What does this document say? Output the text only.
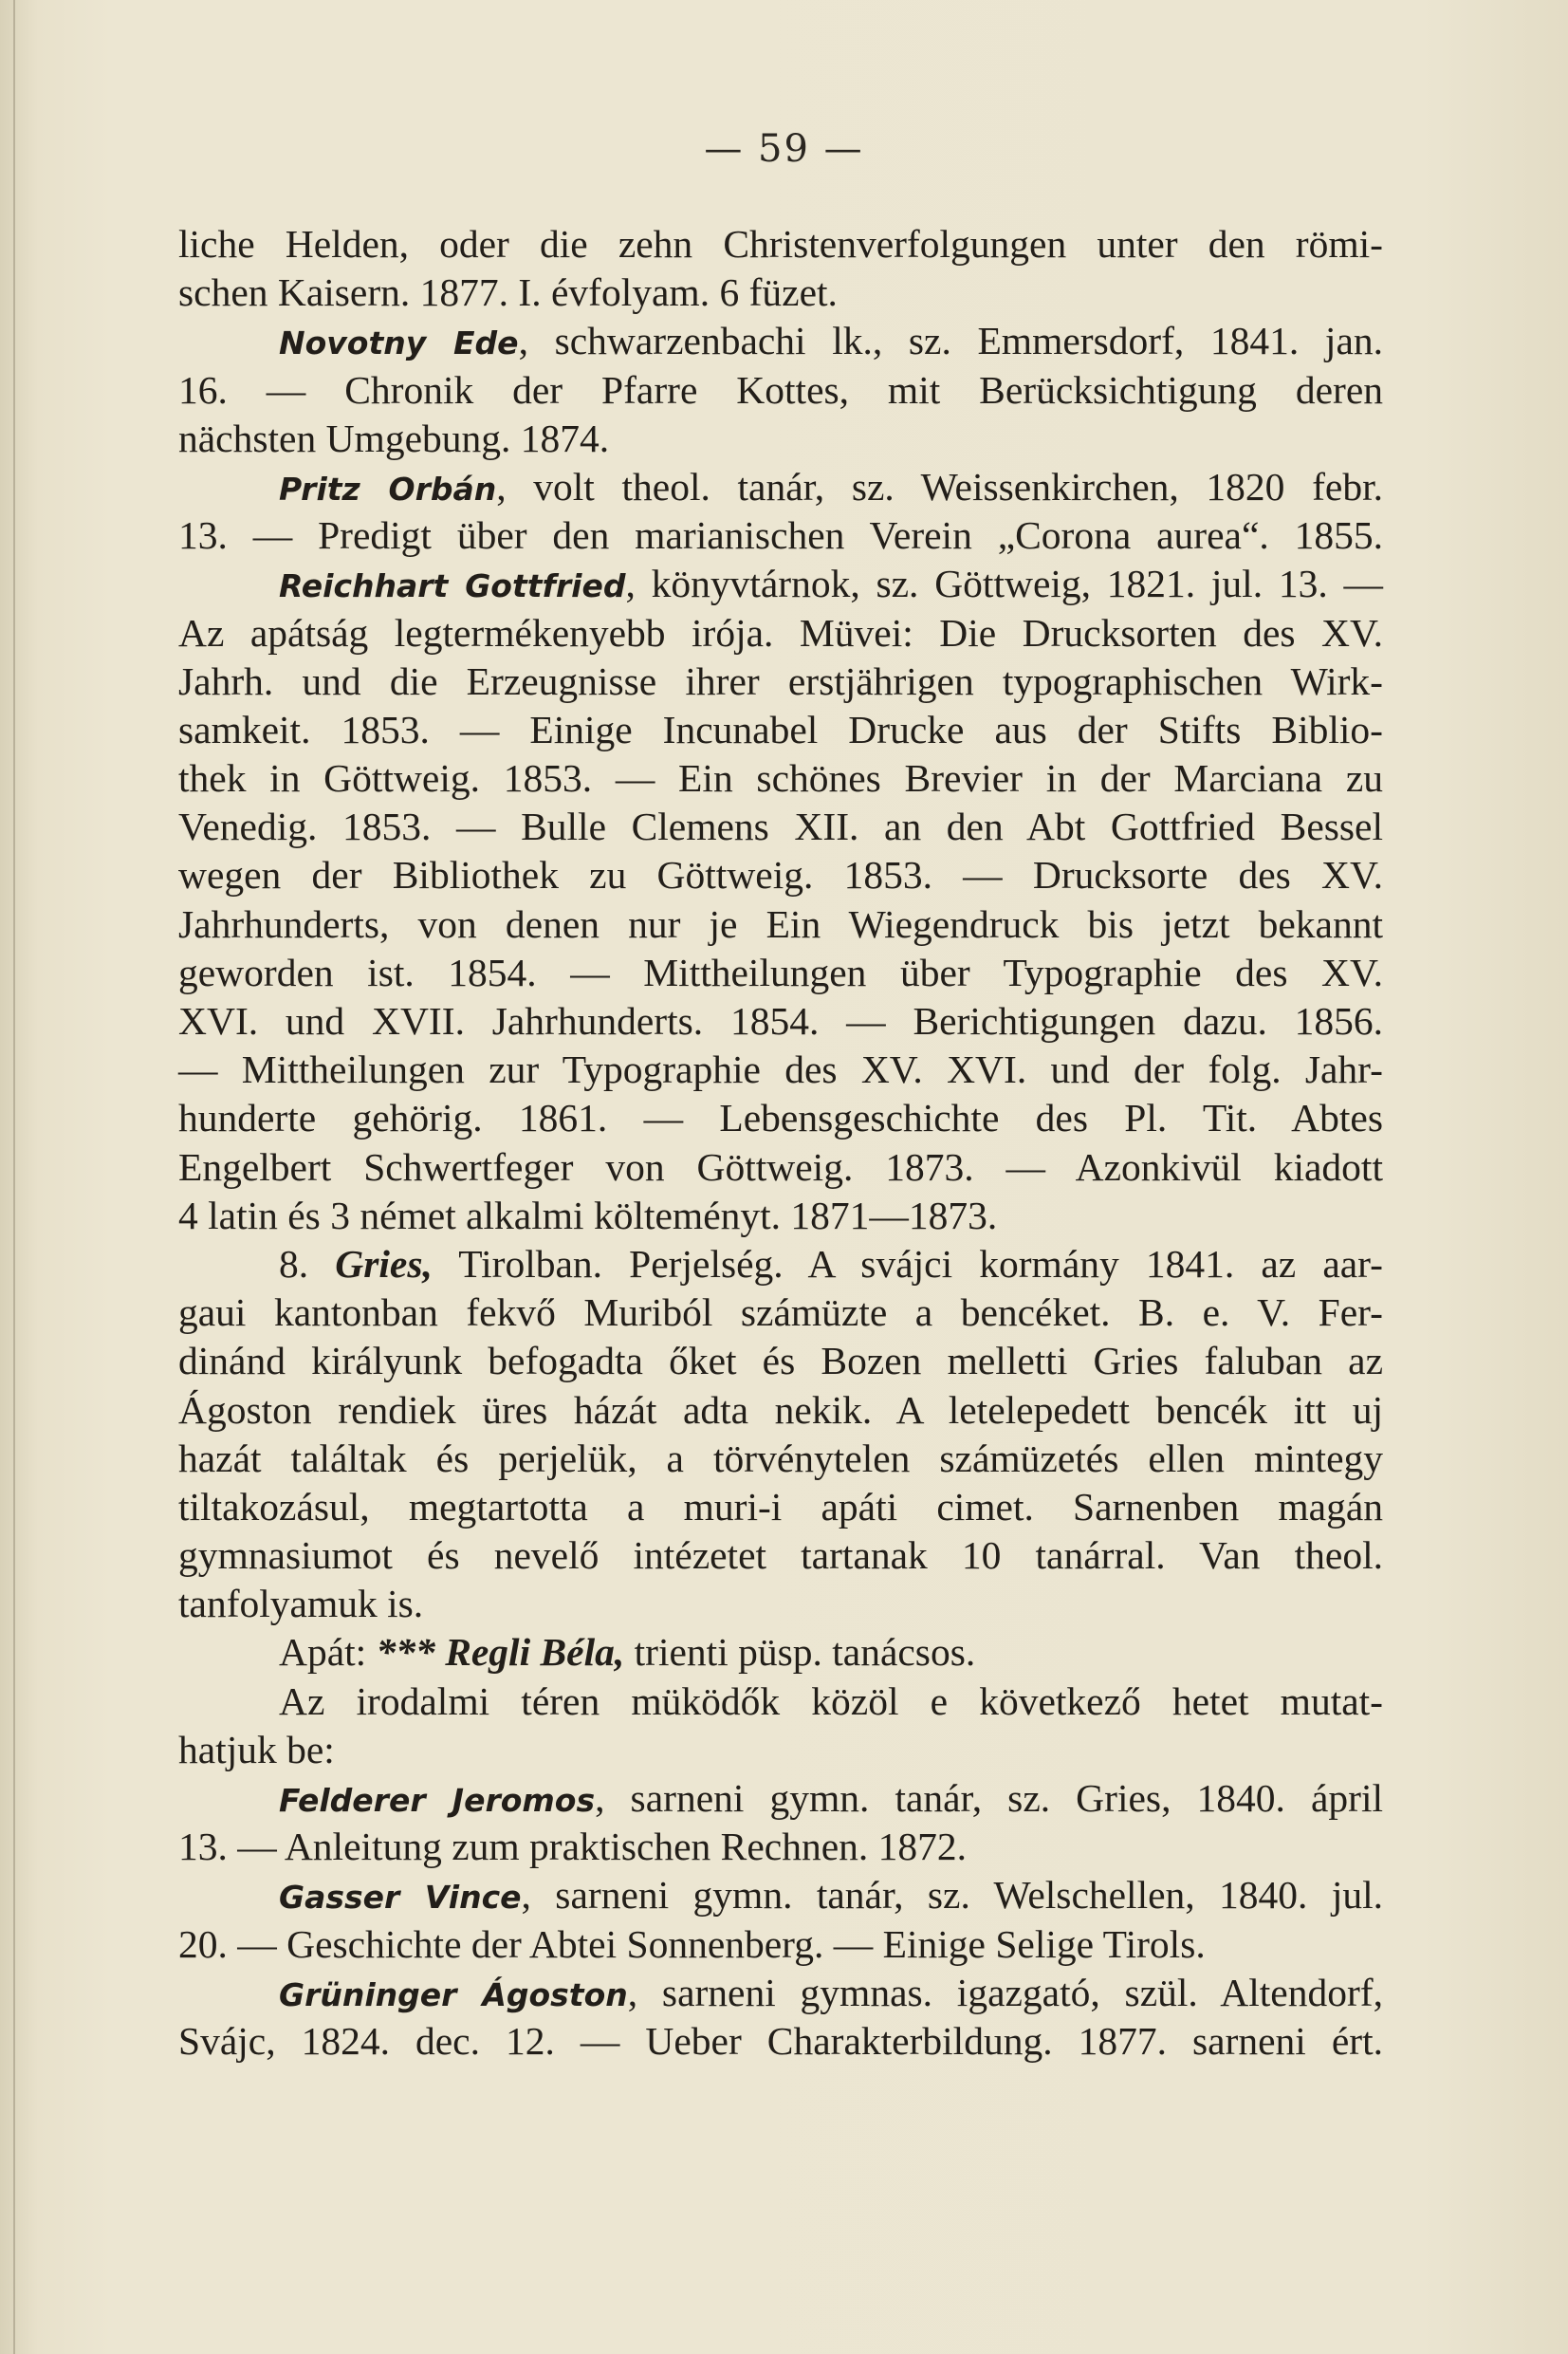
— 59 —
liche Helden, oder die zehn Christenverfolgungen unter den römi-
schen Kaisern. 1877. I. évfolyam. 6 füzet.
Novotny Ede, schwarzenbachi lk., sz. Emmersdorf, 1841. jan.
16. — Chronik der Pfarre Kottes, mit Berücksichtigung deren
nächsten Umgebung. 1874.
Pritz Orbán, volt theol. tanár, sz. Weissenkirchen, 1820 febr.
13. — Predigt über den marianischen Verein „Corona aurea“. 1855.
Reichhart Gottfried, könyvtárnok, sz. Göttweig, 1821. jul. 13. —
Az apátság legtermékenyebb irója. Müvei: Die Drucksorten des XV.
Jahrh. und die Erzeugnisse ihrer erstjährigen typographischen Wirk-
samkeit. 1853. — Einige Incunabel Drucke aus der Stifts Biblio-
thek in Göttweig. 1853. — Ein schönes Brevier in der Marciana zu
Venedig. 1853. — Bulle Clemens XII. an den Abt Gottfried Bessel
wegen der Bibliothek zu Göttweig. 1853. — Drucksorte des XV.
Jahrhunderts, von denen nur je Ein Wiegendruck bis jetzt bekannt
geworden ist. 1854. — Mittheilungen über Typographie des XV.
XVI. und XVII. Jahrhunderts. 1854. — Berichtigungen dazu. 1856.
— Mittheilungen zur Typographie des XV. XVI. und der folg. Jahr-
hunderte gehörig. 1861. — Lebensgeschichte des Pl. Tit. Abtes
Engelbert Schwertfeger von Göttweig. 1873. — Azonkivül kiadott
4 latin és 3 német alkalmi költeményt. 1871—1873.
8. Gries, Tirolban. Perjelség. A svájci kormány 1841. az aar-
gaui kantonban fekvő Muriból számüzte a bencéket. B. e. V. Fer-
dinánd királyunk befogadta őket és Bozen melletti Gries faluban az
Ágoston rendiek üres házát adta nekik. A letelepedett bencék itt uj
hazát találtak és perjelük, a törvénytelen számüzetés ellen mintegy
tiltakozásul, megtartotta a muri-i apáti cimet. Sarnenben magán
gymnasiumot és nevelő intézetet tartanak 10 tanárral. Van theol.
tanfolyamuk is.
Apát: *** Regli Béla, trienti püsp. tanácsos.
Az irodalmi téren müködők közöl e következő hetet mutat-
hatjuk be:
Felderer Jeromos, sarneni gymn. tanár, sz. Gries, 1840. ápril
13. — Anleitung zum praktischen Rechnen. 1872.
Gasser Vince, sarneni gymn. tanár, sz. Welschellen, 1840. jul.
20. — Geschichte der Abtei Sonnenberg. — Einige Selige Tirols.
Grüninger Ágoston, sarneni gymnas. igazgató, szül. Altendorf,
Svájc, 1824. dec. 12. — Ueber Charakterbildung. 1877. sarneni ért.
